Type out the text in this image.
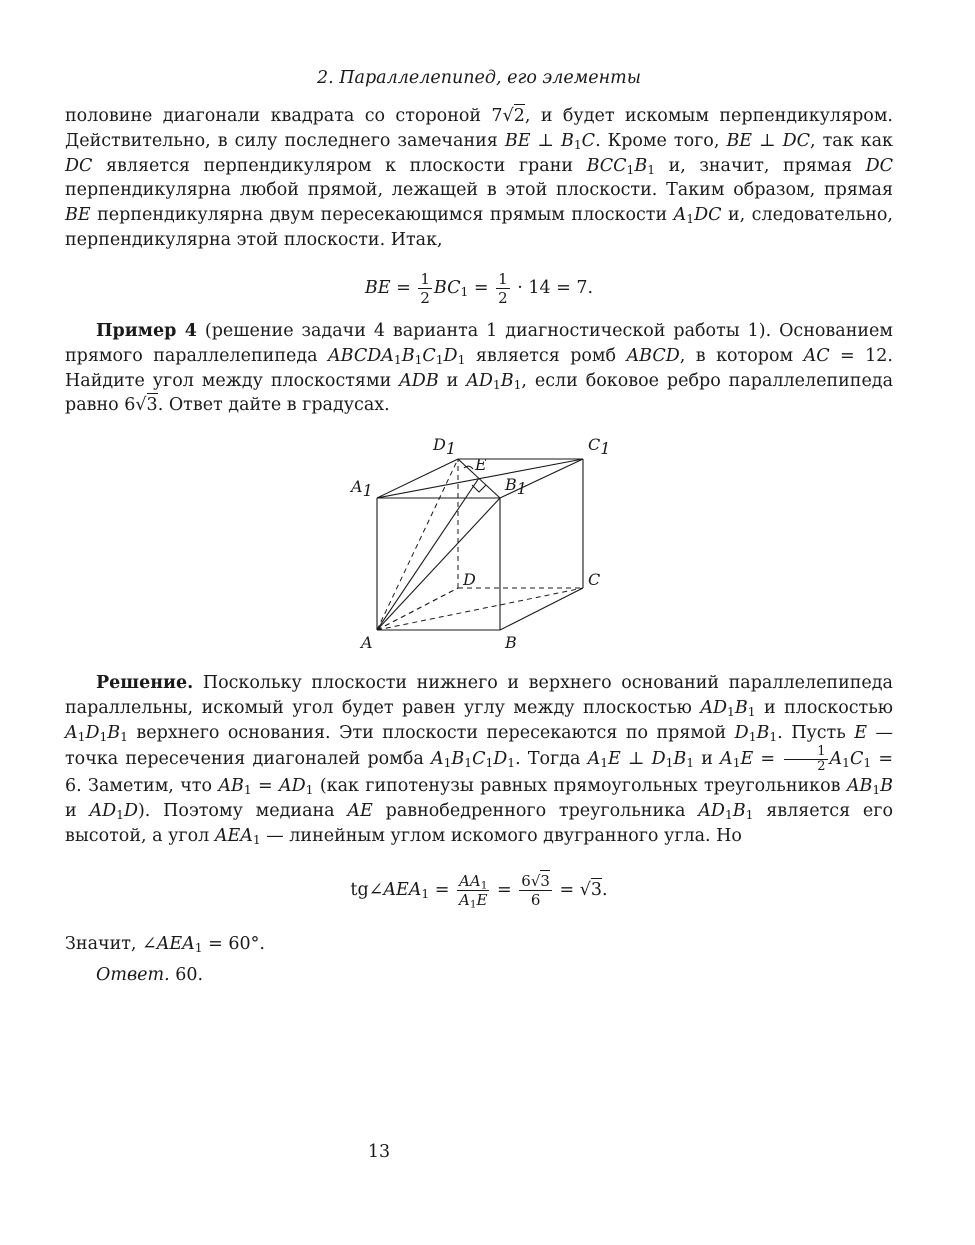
2. Параллелепипед, его элементы

половине диагонали квадрата со стороной 7√2, и будет искомым перпендикуляром. Действительно, в силу последнего замечания BE ⊥ $B_1C$. Кроме того, BE ⊥ DC, так как DC является перпендикуляром к плоскости грани $BCC_1B_1$ и, значит, прямая DC перпендикулярна любой прямой, лежащей в этой плоскости. Таким образом, прямая BE перпендикулярна двум пересекающимся прямым плоскости $A_1DC$ и, следовательно, перпендикулярна этой плоскости. Итак,

BE = $\frac{1}{2} BC_1 = \frac{1}{2} \cdot 14 = 7$.

Пример 4 (решение задачи 4 варианта 1 диагностической работы 1). Основанием прямого параллелепипеда $ABCDA_1B_1C_1D_1$ является ромб ABCD, в котором AC = 12. Найдите угол между плоскостями ADB и $AD_1B_1$, если боковое ребро параллелепипеда равно 6√3. Ответ дайте в градусах.

D1	C1
A1	B1
E
D	C
A	B

Решение. Поскольку плоскости нижнего и верхнего оснований параллелепипеда параллельны, искомый угол будет равен углу между плоскостью $AD_1B_1$ и плоскостью $A_1D_1B_1$ верхнего основания. Эти плоскости пересекаются по прямой $D_1B_1$. Пусть E — точка пересечения диагоналей ромба $A_1B_1C_1D_1$. Тогда $A_1E$ ⊥ $D_1B_1$ и $A_1E = \frac{1}{2} A_1C_1 = 6$. Заметим, что $AB_1 = AD_1$ (как гипотенузы равных прямоугольных треугольников $AB_1B$ и $AD_1D$). Поэтому медиана AE равнобедренного треугольника $AD_1B_1$ является его высотой, а угол $AEA_1$ — линейным углом искомого двугранного угла. Но

$tg\angle AEA_1 = \frac{AA_1}{A_1E} = \frac{6√3}{6} = √3$.

Значит, $\angle AEA_1 = 60^\circ$.

Ответ. 60.

13
